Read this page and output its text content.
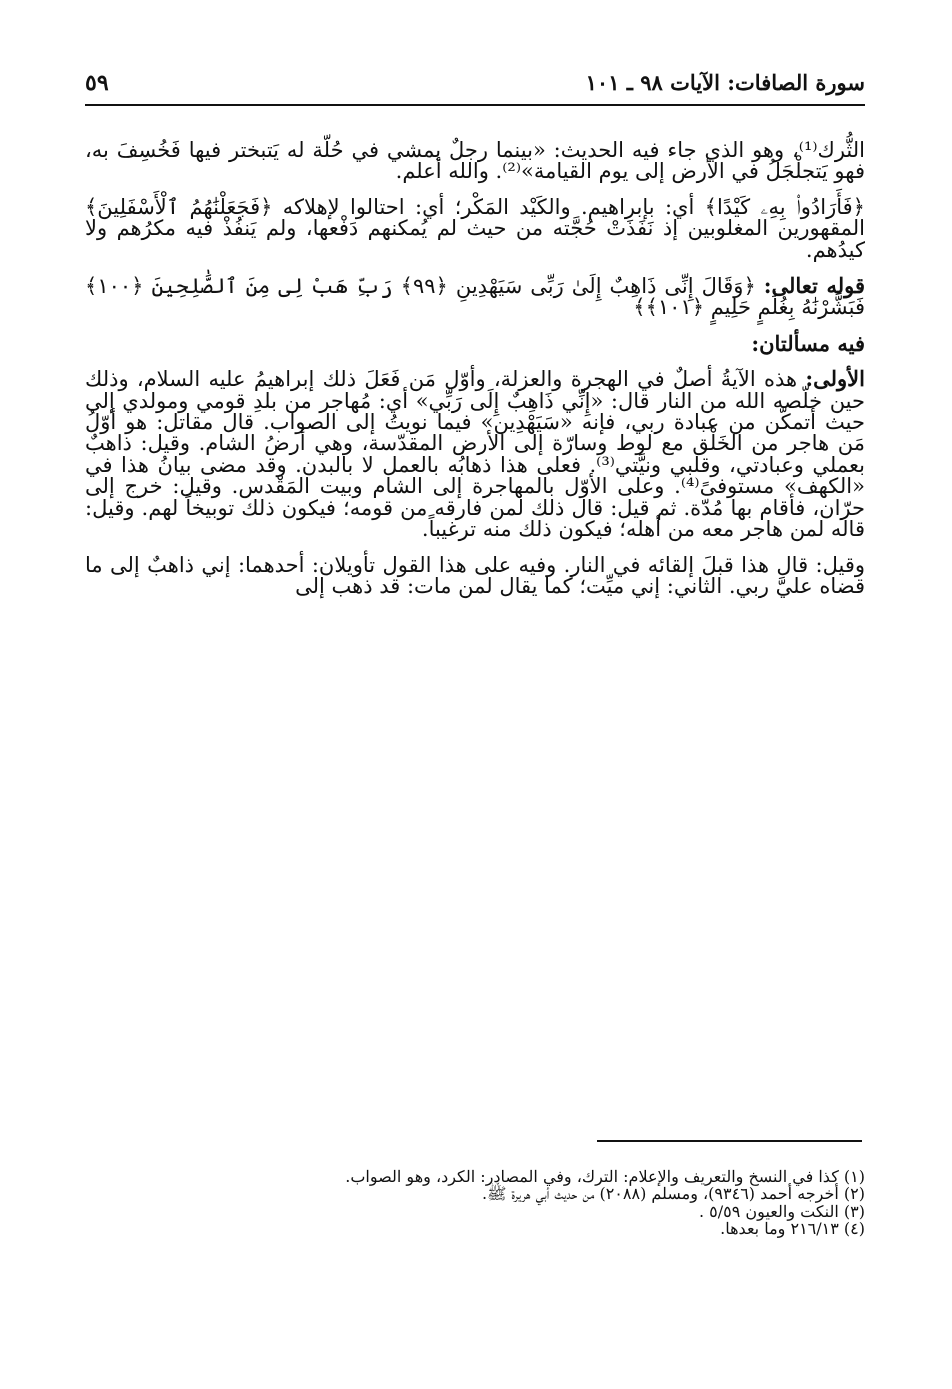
سورة الصافات: الآيات ٩٨ ـ ١٠١
٥٩

الثُّرك⁽¹⁾، وهو الذي جاء فيه الحديث: «بينما رجلٌ يمشي في حُلّة له يَتبختر فيها فَخُسِفَ به، فهو يَتجلْجَلُ في الأرض إلى يوم القيامة»⁽²⁾. والله أعلم.

﴿فَأَرَادُوا۟ بِهِۦ كَيْدًا﴾ أي: بإبراهيم. والكَيْد المَكْر؛ أي: احتالوا لإهلاكه ﴿فَجَعَلْنَٰهُمُ ٱلْأَسْفَلِينَ﴾ المقهورين المغلوبين إذ نَفَذَتْ حُجَّته من حيث لم يُمكنهم دَفْعها، ولم يَنفُذْ فيه مكرُهم ولا كيدُهم.

قوله تعالى: ﴿وَقَالَ إِنِّى ذَاهِبٌ إِلَىٰ رَبِّى سَيَهْدِينِ ﴿٩٩﴾ رَبِّ هَبْ لِى مِنَ ٱلصَّٰلِحِينَ ﴿١٠٠﴾ فَبَشَّرْنَٰهُ بِغُلَٰمٍ حَلِيمٍ ﴿١٠١﴾﴾

فيه مسألتان:

الأولى: هذه الآيةُ أصلٌ في الهجرة والعزلة، وأوّل مَن فَعَلَ ذلك إبراهيمُ عليه السلام، وذلك حين خلّصه الله من النار قال: «إِنِّي ذَاهِبٌ إِلَى رَبِّي» أي: مُهاجر من بلدِ قومي ومولدي إلى حيث أتمكّن من عبادة ربي، فإنه «سَيَهْدِين» فيما نويتُ إلى الصواب. قال مقاتل: هو أوّلُ مَن هاجر من الخَلْق مع لوط وسارّة إلى الأرض المقدّسة، وهي أرضُ الشام. وقيل: ذاهبٌ بعملي وعبادتي، وقلبي ونيَّتي⁽³⁾. فعلى هذا ذهابُه بالعمل لا بالبدن. وقد مضى بيانُ هذا في «الكهف» مستوفىً⁽⁴⁾. وعلى الأوّل بالمهاجرة إلى الشام وبيت المَقْدس. وقيل: خرج إلى حرّان، فأقام بها مُدّة. ثم قيل: قال ذلك لمن فارقه من قومه؛ فيكون ذلك توبيخاً لهم. وقيل: قاله لمن هاجر معه من أهله؛ فيكون ذلك منه ترغيباً.

وقيل: قال هذا قبلَ إلقائه في النار. وفيه على هذا القول تأويلان: أحدهما: إني ذاهبٌ إلى ما قضاه عليَّ ربي. الثاني: إني ميِّت؛ كما يقال لمن مات: قد ذهب إلى

(١) كذا في النسخ والتعريف والإعلام: الترك، وفي المصادر: الكرد، وهو الصواب.

(٢) أخرجه أحمد (٩٣٤٦)، ومسلم (٢٠٨٨) من حديث أبي هريرة ﷺ.

(٣) النكت والعيون ٥/٥٩ .

(٤) ٢١٦/١٣ وما بعدها.
